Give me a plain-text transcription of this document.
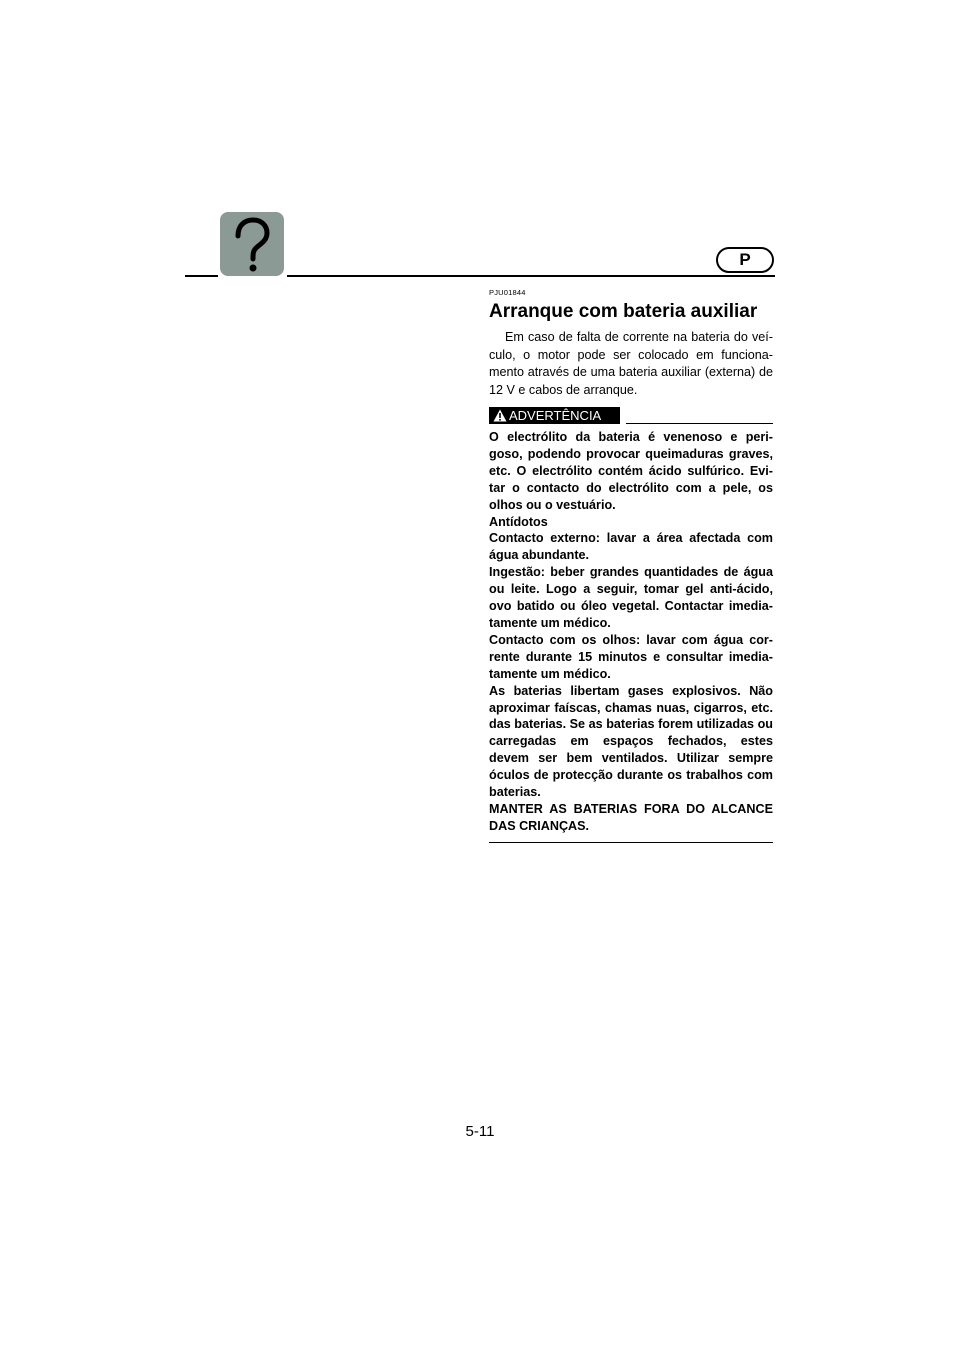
P

PJU01844

Arranque com bateria auxiliar

Em caso de falta de corrente na bateria do veí-culo, o motor pode ser colocado em funciona-mento através de uma bateria auxiliar (externa) de 12 V e cabos de arranque.

ADVERTÊNCIA

O electrólito da bateria é venenoso e peri-goso, podendo provocar queimaduras graves, etc. O electrólito contém ácido sulfúrico. Evi-tar o contacto do electrólito com a pele, os olhos ou o vestuário.

Antídotos

Contacto externo: lavar a área afectada com água abundante.

Ingestão: beber grandes quantidades de água ou leite. Logo a seguir, tomar gel anti-ácido, ovo batido ou óleo vegetal. Contactar imedia-tamente um médico.

Contacto com os olhos: lavar com água cor-rente durante 15 minutos e consultar imedia-tamente um médico.

As baterias libertam gases explosivos. Não aproximar faíscas, chamas nuas, cigarros, etc. das baterias. Se as baterias forem utilizadas ou carregadas em espaços fechados, estes devem ser bem ventilados. Utilizar sempre óculos de protecção durante os trabalhos com baterias.

MANTER AS BATERIAS FORA DO ALCANCE DAS CRIANÇAS.

5-11
